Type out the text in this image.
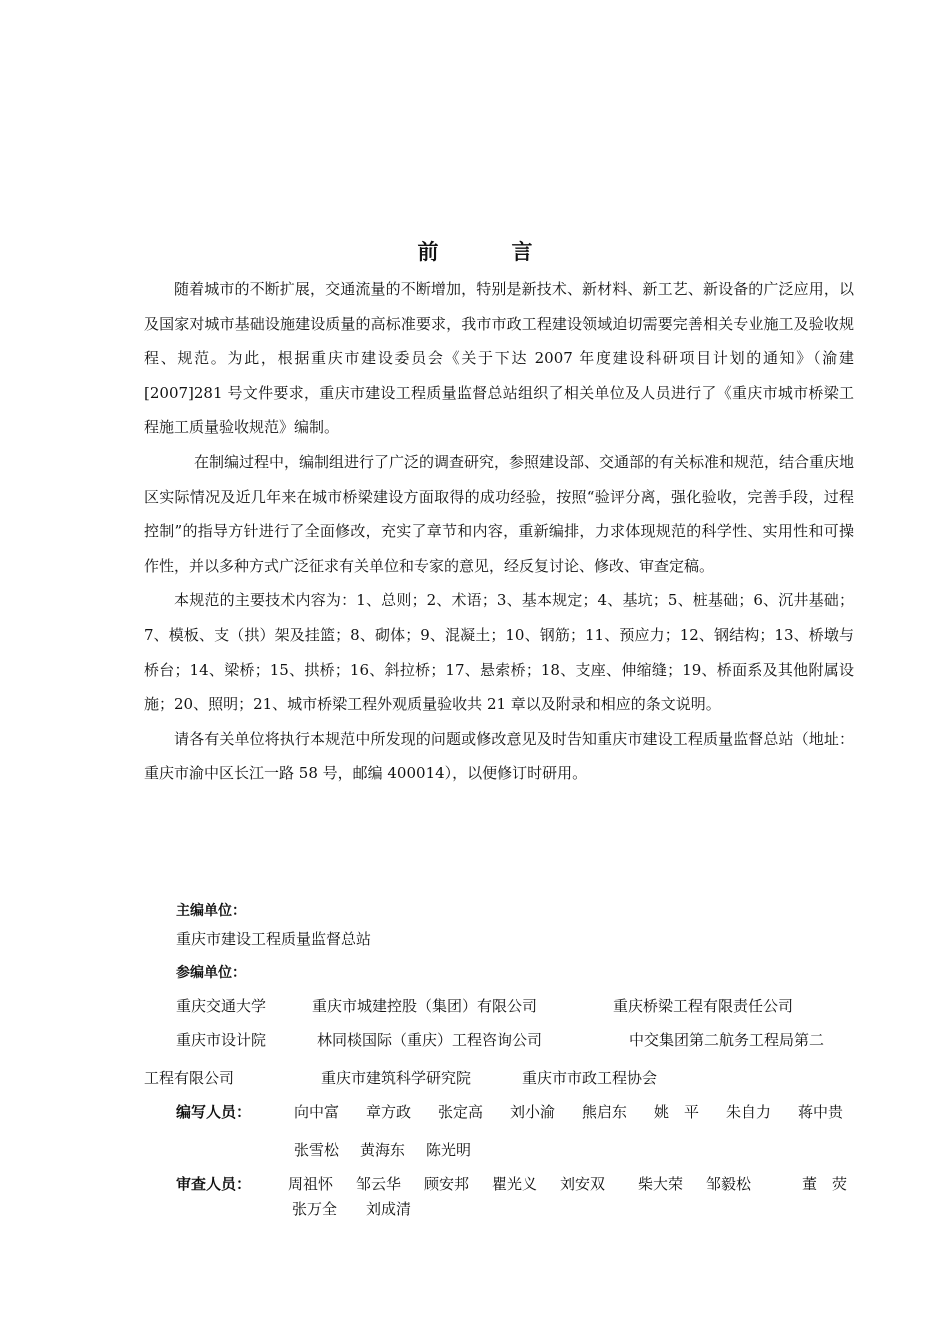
前　言

随着城市的不断扩展，交通流量的不断增加，特别是新技术、新材料、新工艺、新设备的广泛应用，以及国家对城市基础设施建设质量的高标准要求，我市市政工程建设领域迫切需要完善相关专业施工及验收规程、规范。为此，根据重庆市建设委员会《关于下达 2007 年度建设科研项目计划的通知》（渝建[2007]281 号文件要求，重庆市建设工程质量监督总站组织了相关单位及人员进行了《重庆市城市桥梁工程施工质量验收规范》编制。

在制编过程中，编制组进行了广泛的调查研究，参照建设部、交通部的有关标准和规范，结合重庆地区实际情况及近几年来在城市桥梁建设方面取得的成功经验，按照“验评分离，强化验收，完善手段，过程控制”的指导方针进行了全面修改，充实了章节和内容，重新编排，力求体现规范的科学性、实用性和可操作性，并以多种方式广泛征求有关单位和专家的意见，经反复讨论、修改、审查定稿。

本规范的主要技术内容为：1、总则；2、术语；3、基本规定；4、基坑；5、桩基础；6、沉井基础；7、模板、支（拱）架及挂篮；8、砌体；9、混凝土；10、钢筋；11、预应力；12、钢结构；13、桥墩与桥台；14、梁桥；15、拱桥；16、斜拉桥；17、悬索桥；18、支座、伸缩缝；19、桥面系及其他附属设施；20、照明；21、城市桥梁工程外观质量验收共 21 章以及附录和相应的条文说明。

请各有关单位将执行本规范中所发现的问题或修改意见及时告知重庆市建设工程质量监督总站（地址：重庆市渝中区长江一路 58 号，邮编 400014），以便修订时研用。

主编单位：
重庆市建设工程质量监督总站
参编单位：
重庆交通大学	重庆市城建控股（集团）有限公司	重庆桥梁工程有限责任公司
重庆市设计院	林同棪国际（重庆）工程咨询公司	中交集团第二航务工程局第二
工程有限公司	重庆市建筑科学研究院	重庆市市政工程协会
编写人员：	向中富 章方政 张定高 刘小渝 熊启东 姚　平 朱自力 蒋中贵
张雪松 黄海东 陈光明
审查人员： 周祖怀 邹云华 顾安邦 瞿光义 刘安双 柴大荣 邹毅松	董　荧
张万全 刘成清
